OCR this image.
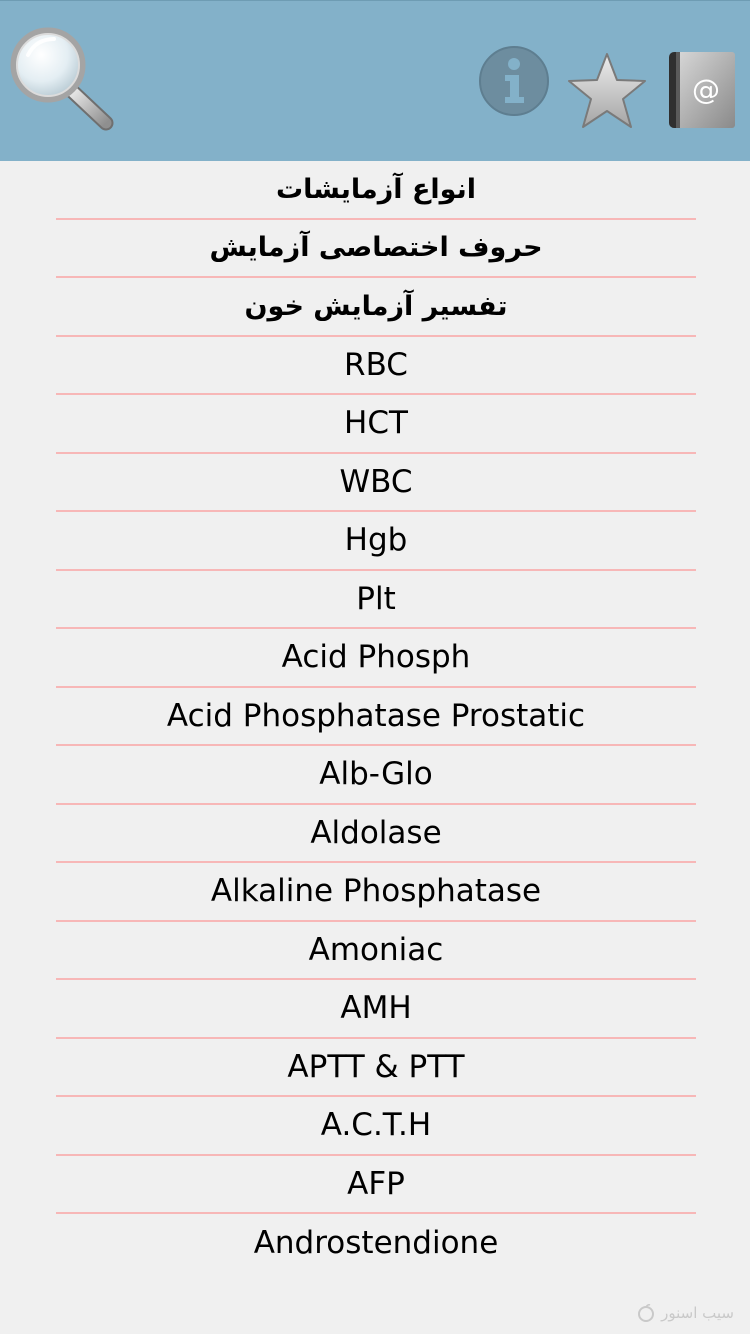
@
انواع آزمایشات
حروف اختصاصی آزمایش
تفسیر آزمایش خون
RBC
HCT
WBC
Hgb
Plt
Acid Phosph
Acid Phosphatase Prostatic
Alb-Glo
Aldolase
Alkaline Phosphatase
Amoniac
AMH
APTT & PTT
A.C.T.H
AFP
Androstendione
سیب اسنور
